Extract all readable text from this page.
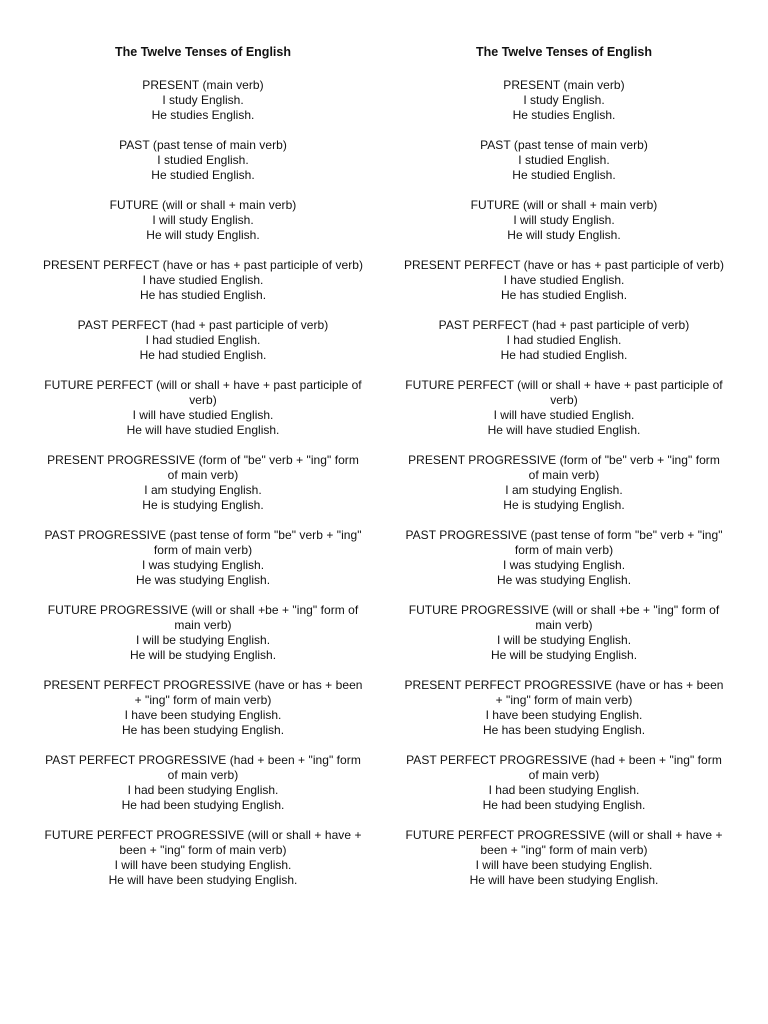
The Twelve Tenses of English
PRESENT (main verb)
I study English.
He studies English.
PAST (past tense of main verb)
I studied English.
He studied English.
FUTURE (will or shall + main verb)
I will study English.
He will study English.
PRESENT PERFECT (have or has + past participle of verb)
I have studied English.
He has studied English.
PAST PERFECT (had + past participle of verb)
I had studied English.
He had studied English.
FUTURE PERFECT (will or shall + have + past participle of verb)
I will have studied English.
He will have studied English.
PRESENT PROGRESSIVE (form of "be" verb + "ing" form of main verb)
I am studying English.
He is studying English.
PAST PROGRESSIVE (past tense of form "be" verb + "ing" form of main verb)
I was studying English.
He was studying English.
FUTURE PROGRESSIVE (will or shall +be + "ing" form of main verb)
I will be studying English.
He will be studying English.
PRESENT PERFECT PROGRESSIVE (have or has + been + "ing" form of main verb)
I have been studying English.
He has been studying English.
PAST PERFECT PROGRESSIVE (had + been + "ing" form of main verb)
I had been studying English.
He had been studying English.
FUTURE PERFECT PROGRESSIVE (will or shall + have + been + "ing" form of main verb)
I will have been studying English.
He will have been studying English.
The Twelve Tenses of English
PRESENT (main verb)
I study English.
He studies English.
PAST (past tense of main verb)
I studied English.
He studied English.
FUTURE (will or shall + main verb)
I will study English.
He will study English.
PRESENT PERFECT (have or has + past participle of verb)
I have studied English.
He has studied English.
PAST PERFECT (had + past participle of verb)
I had studied English.
He had studied English.
FUTURE PERFECT (will or shall + have + past participle of verb)
I will have studied English.
He will have studied English.
PRESENT PROGRESSIVE (form of "be" verb + "ing" form of main verb)
I am studying English.
He is studying English.
PAST PROGRESSIVE (past tense of form "be" verb + "ing" form of main verb)
I was studying English.
He was studying English.
FUTURE PROGRESSIVE (will or shall +be + "ing" form of main verb)
I will be studying English.
He will be studying English.
PRESENT PERFECT PROGRESSIVE (have or has + been + "ing" form of main verb)
I have been studying English.
He has been studying English.
PAST PERFECT PROGRESSIVE (had + been + "ing" form of main verb)
I had been studying English.
He had been studying English.
FUTURE PERFECT PROGRESSIVE (will or shall + have + been + "ing" form of main verb)
I will have been studying English.
He will have been studying English.
